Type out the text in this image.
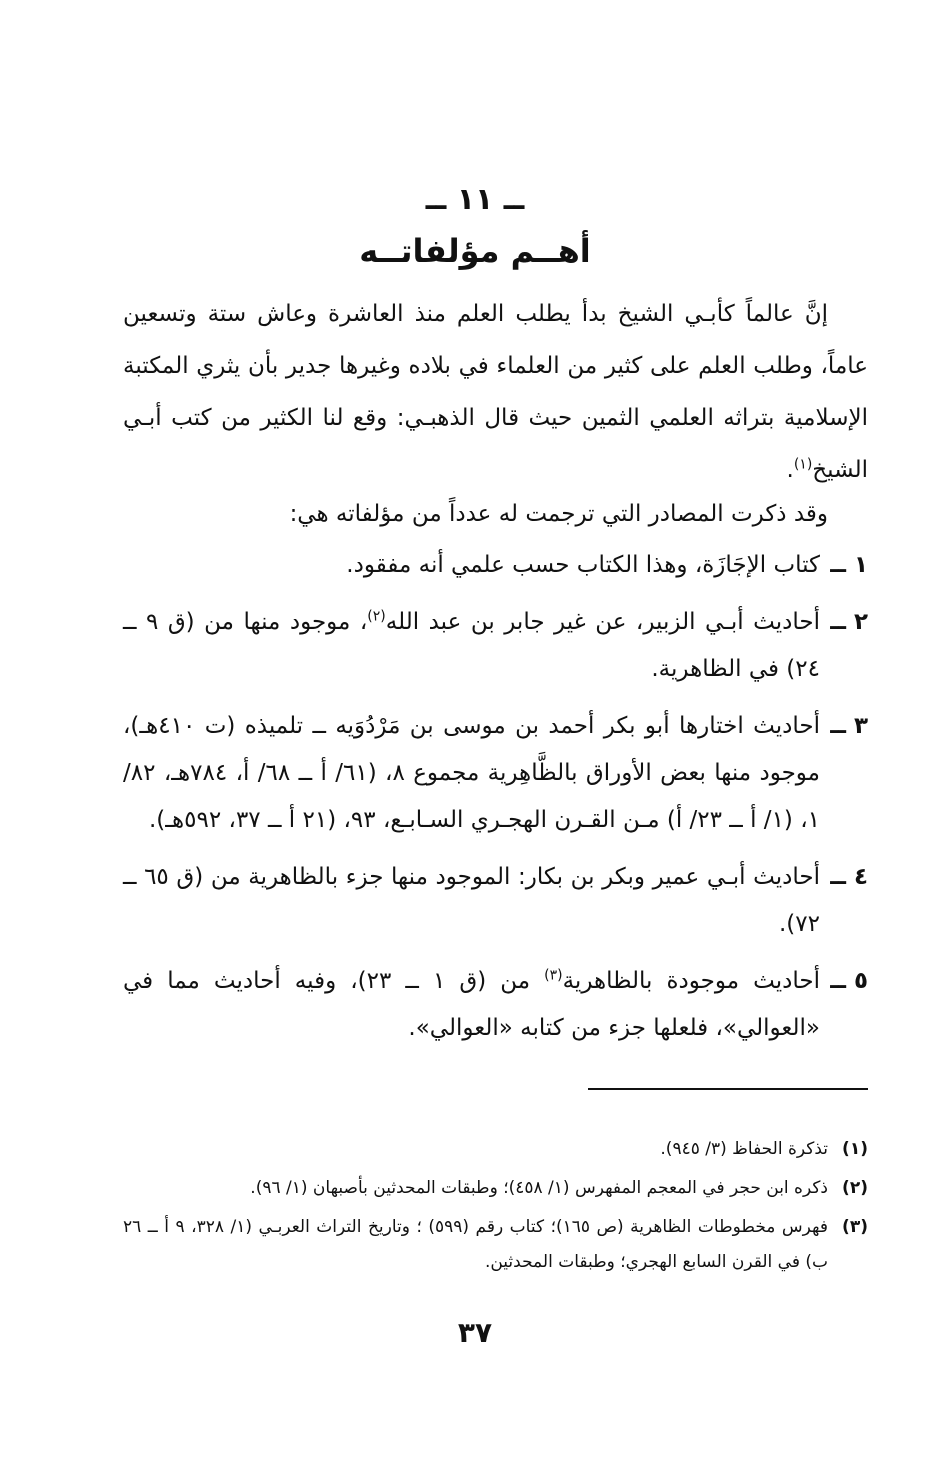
ــ ١١ ــ
أهــم مؤلفاتــه

إنَّ عالماً كأبـي الشيخ بدأ يطلب العلم منذ العاشرة وعاش ستة وتسعين عاماً، وطلب العلم على كثير من العلماء في بلاده وغيرها جدير بأن يثري المكتبة الإسلامية بتراثه العلمي الثمين حيث قال الذهبـي: وقع لنا الكثير من كتب أبـي الشيخ$^{(١)}$.

وقد ذكرت المصادر التي ترجمت له عدداً من مؤلفاته هي:

١ ــ
كتاب الإجَازَة، وهذا الكتاب حسب علمي أنه مفقود.
٢ ــ
أحاديث أبـي الزبير، عن غير جابر بن عبد الله$^{(٢)}$، موجود منها من (ق ٩ ــ ٢٤) في الظاهرية.
٣ ــ
أحاديث اختارها أبو بكر أحمد بن موسى بن مَرْدُوَيه ــ تلميذه (ت ٤١٠هـ)، موجود منها بعض الأوراق بالظَّاهِرية مجموع ٨، (٦١/ أ ــ ٦٨/ أ، ٧٨٤هـ، ٨٢/ ١، (١/ أ ــ ٢٣/ أ) مـن القـرن الهجـري السـابـع، ٩٣، (٢١ أ ــ ٣٧، ٥٩٢هـ).
٤ ــ
أحاديث أبـي عمير وبكر بن بكار: الموجود منها جزء بالظاهرية من (ق ٦٥ ــ ٧٢).
٥ ــ
أحاديث موجودة بالظاهرية$^{(٣)}$ من (ق ١ ــ ٢٣)، وفيه أحاديث مما في «العوالي»، فلعلها جزء من كتابه «العوالي».
(١)
تذكرة الحفاظ (٣/ ٩٤٥).
(٢)
ذكره ابن حجر في المعجم المفهرس (١/ ٤٥٨)؛ وطبقات المحدثين بأصبهان (١/ ٩٦).
(٣)
فهرس مخطوطات الظاهرية (ص ١٦٥)؛ كتاب رقم (٥٩٩) ؛ وتاريخ التراث العربـي (١/ ٣٢٨، ٩ أ ــ ٢٦ ب) في القرن السابع الهجري؛ وطبقات المحدثين.
٣٧
